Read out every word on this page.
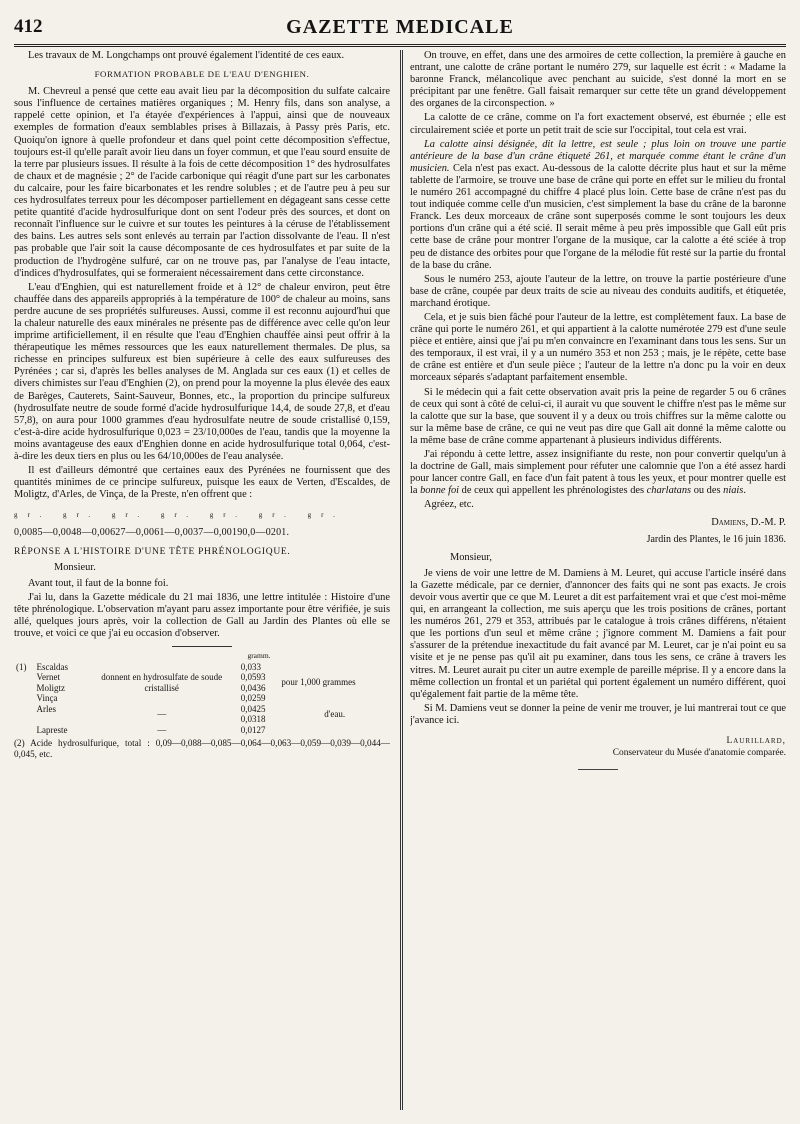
412	GAZETTE MEDICALE

Les travaux de M. Longchamps ont prouvé également l'identité de ces eaux.

FORMATION PROBABLE DE L'EAU D'ENGHIEN.

M. Chevreul a pensé que cette eau avait lieu par la décomposition du sulfate calcaire sous l'influence de certaines matières organiques ; M. Henry fils, dans son analyse, a rappelé cette opinion, et l'a étayée d'expériences à l'appui, ainsi que de nouveaux exemples de formation d'eaux semblables prises à Billazais, à Passy près Paris, etc. Quoiqu'on ignore à quelle profondeur et dans quel point cette décomposition s'effectue, toujours est-il qu'elle paraît avoir lieu dans un foyer commun, et que l'eau sourd ensuite de la terre par plusieurs issues. Il résulte à la fois de cette décomposition 1° des hydrosulfates de chaux et de magnésie ; 2° de l'acide carbonique qui réagit d'une part sur les carbonates du calcaire, pour les faire bicarbonates et les rendre solubles ; et de l'autre peu à peu sur ces hydrosulfates terreux pour les décomposer partiellement en dégageant sans cesse cette petite quantité d'acide hydrosulfurique dont on sent l'odeur près des sources, et dont on reconnaît l'influence sur le cuivre et sur toutes les peintures à la céruse de l'établissement des bains. Les autres sels sont enlevés au terrain par l'action dissolvante de l'eau. Il n'est pas probable que l'air soit la cause décomposante de ces hydrosulfates et par suite de la production de l'hydrogène sulfuré, car on ne trouve pas, par l'analyse de l'eau intacte, d'indices d'hydrosulfates, qui se formeraient nécessairement dans cette circonstance.

L'eau d'Enghien, qui est naturellement froide et à 12° de chaleur environ, peut être chauffée dans des appareils appropriés à la température de 100° de chaleur au moins, sans perdre aucune de ses propriétés sulfureuses. Aussi, comme il est reconnu aujourd'hui que la chaleur naturelle des eaux minérales ne présente pas de différence avec celle qu'on leur imprime artificiellement, il en résulte que l'eau d'Enghien chauffée ainsi peut offrir à la thérapeutique les mêmes ressources que les eaux naturellement thermales. De plus, sa richesse en principes sulfureux est bien supérieure à celle des eaux sulfureuses des Pyrénées ; car si, d'après les belles analyses de M. Anglada sur ces eaux (1) et celles de divers chimistes sur l'eau d'Enghien (2), on prend pour la moyenne la plus élevée des eaux de Barèges, Cauterets, Saint-Sauveur, Bonnes, etc., la proportion du principe sulfureux (hydrosulfate neutre de soude formé d'acide hydrosulfurique 14,4, de soude 27,8, et d'eau 57,8), on aura pour 1000 grammes d'eau hydrosulfate neutre de soude cristallisé 0,159, c'est-à-dire acide hydrosulfurique 0,023 = 23/10,000es de l'eau, tandis que la moyenne la moins avantageuse des eaux d'Enghien donne en acide hydrosulfurique total 0,064, c'est-à-dire les deux tiers en plus ou les 64/10,000es de l'eau analysée.

Il est d'ailleurs démontré que certaines eaux des Pyrénées ne fournissent que des quantités minimes de ce principe sulfureux, puisque les eaux de Verten, d'Escaldes, de Moligtz, d'Arles, de Vinça, de la Preste, n'en offrent que :

gr. gr. gr. gr. gr. gr. gr.
0,0085—0,0048—0,00627—0,0061—0,0037—0,00190,0—0201.
RÉPONSE A L'HISTOIRE D'UNE TÊTE PHRÉNOLOGIQUE.
Monsieur.

Avant tout, il faut de la bonne foi.

J'ai lu, dans la Gazette médicale du 21 mai 1836, une lettre intitulée : Histoire d'une tête phrénologique. L'observation m'ayant paru assez importante pour être vérifiée, je suis allé, quelques jours après, voir la collection de Gall au Jardin des Plantes où elle se trouve, et voici ce que j'ai eu occasion d'observer.

			gramm.	
(1)	Escaldas	donnent en hydrosulfate de soude cristallisé	0,033	pour 1,000 grammes
	Vernet		0,0593	
	Moligtz		0,0436	
	Vinça		0,0259	
	Arles	—	0,0425	d'eau.
			0,0318	
	Lapreste	—	0,0127	
(2) Acide hydrosulfurique, total : 0,09—0,088—0,085—0,064—0,063—0,059—0,039—0,044—0,045, etc.

On trouve, en effet, dans une des armoires de cette collection, la première à gauche en entrant, une calotte de crâne portant le numéro 279, sur laquelle est écrit : « Madame la baronne Franck, mélancolique avec penchant au suicide, s'est donné la mort en se précipitant par une fenêtre. Gall faisait remarquer sur cette tête un grand développement des organes de la circonspection. »

La calotte de ce crâne, comme on l'a fort exactement observé, est éburnée ; elle est circulairement sciée et porte un petit trait de scie sur l'occipital, tout cela est vrai.

La calotte ainsi désignée, dit la lettre, est seule ; plus loin on trouve une partie antérieure de la base d'un crâne étiqueté 261, et marquée comme étant le crâne d'un musicien. Cela n'est pas exact. Au-dessous de la calotte décrite plus haut et sur la même tablette de l'armoire, se trouve une base de crâne qui porte en effet sur le milieu du frontal le numéro 261 accompagné du chiffre 4 placé plus loin. Cette base de crâne n'est pas du tout indiquée comme celle d'un musicien, c'est simplement la base du crâne de la baronne Franck. Les deux morceaux de crâne sont superposés comme le sont toujours les deux portions d'un crâne qui a été scié. Il serait même à peu près impossible que Gall eût pris cette base de crâne pour montrer l'organe de la musique, car la calotte a été sciée à trop peu de distance des orbites pour que l'organe de la mélodie fût resté sur la partie du frontal de la base du crâne.

Sous le numéro 253, ajoute l'auteur de la lettre, on trouve la partie postérieure d'une base de crâne, coupée par deux traits de scie au niveau des conduits auditifs, et étiquetée, marchand érotique.

Cela, et je suis bien fâché pour l'auteur de la lettre, est complètement faux. La base de crâne qui porte le numéro 261, et qui appartient à la calotte numérotée 279 est d'une seule pièce et entière, ainsi que j'ai pu m'en convaincre en l'examinant dans tous les sens. Sur un des temporaux, il est vrai, il y a un numéro 353 et non 253 ; mais, je le répète, cette base de crâne est entière et d'un seule pièce ; l'auteur de la lettre n'a donc pu la voir en deux morceaux séparés s'adaptant parfaitement ensemble.

Si le médecin qui a fait cette observation avait pris la peine de regarder 5 ou 6 crânes de ceux qui sont à côté de celui-ci, il aurait vu que souvent le chiffre n'est pas le même sur la calotte que sur la base, que souvent il y a deux ou trois chiffres sur la même calotte ou sur la même base de crâne, ce qui ne veut pas dire que Gall ait donné la même calotte ou la même base de crâne comme appartenant à plusieurs individus différents.

J'ai répondu à cette lettre, assez insignifiante du reste, non pour convertir quelqu'un à la doctrine de Gall, mais simplement pour réfuter une calomnie que l'on a été assez hardi pour lancer contre Gall, en face d'un fait patent à tous les yeux, et pour montrer quelle est la bonne foi de ceux qui appellent les phrénologistes des charlatans ou des niais.

Agréez, etc.

Damiens, D.-M. P.
Jardin des Plantes, le 16 juin 1836.
Monsieur,

Je viens de voir une lettre de M. Damiens à M. Leuret, qui accuse l'article inséré dans la Gazette médicale, par ce dernier, d'annoncer des faits qui ne sont pas exacts. Je crois devoir vous avertir que ce que M. Leuret a dit est parfaitement vrai et que c'est moi-même qui, en arrangeant la collection, me suis aperçu que les trois positions de crânes, portant les numéros 261, 279 et 353, attribués par le catalogue à trois crânes différens, n'étaient que les portions d'un seul et même crâne ; j'ignore comment M. Damiens a fait pour s'assurer de la prétendue inexactitude du fait avancé par M. Leuret, car je n'ai point eu sa visite et je ne pense pas qu'il ait pu examiner, dans tous les sens, ce crâne à travers les vitres. M. Leuret aurait pu citer un autre exemple de pareille méprise. Il y a encore dans la même collection un frontal et un pariétal qui portent également un numéro différent, quoi qu'également fait partie de la même tête.

Si M. Damiens veut se donner la peine de venir me trouver, je lui mantrerai tout ce que j'avance ici.

Laurillard,
Conservateur du Musée d'anatomie comparée.
